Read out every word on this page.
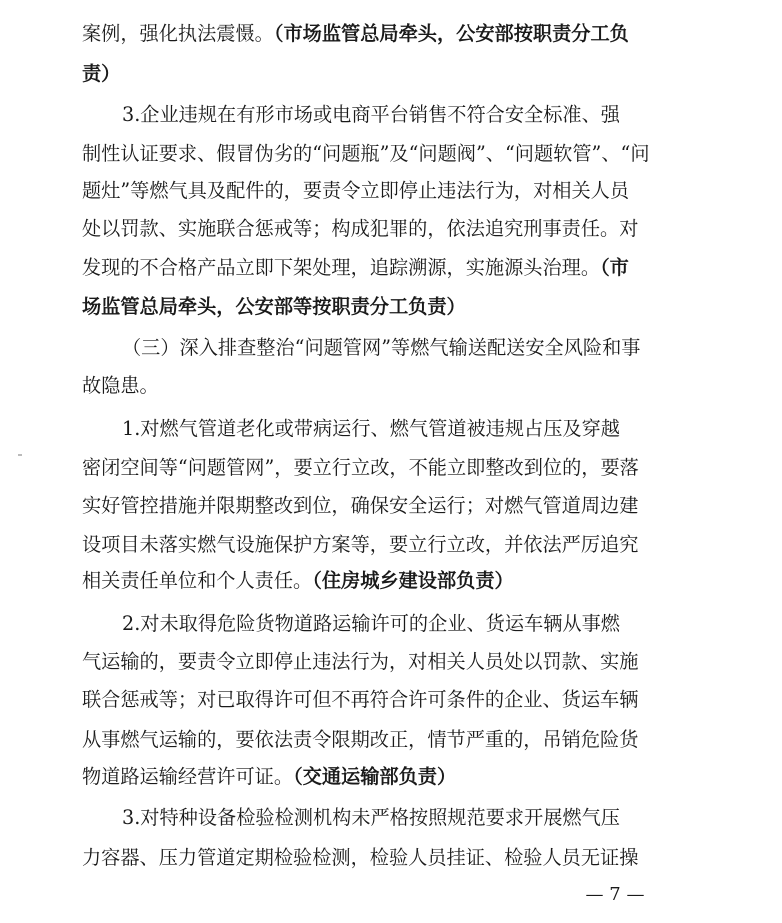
案例，强化执法震慑。（市场监管总局牵头，公安部按职责分工负
责）
3.企业违规在有形市场或电商平台销售不符合安全标准、强
制性认证要求、假冒伪劣的“问题瓶”及“问题阀”、“问题软管”、“问
题灶”等燃气具及配件的，要责令立即停止违法行为，对相关人员
处以罚款、实施联合惩戒等；构成犯罪的，依法追究刑事责任。对
发现的不合格产品立即下架处理，追踪溯源，实施源头治理。（市
场监管总局牵头，公安部等按职责分工负责）
（三）深入排查整治“问题管网”等燃气输送配送安全风险和事
故隐患。
1.对燃气管道老化或带病运行、燃气管道被违规占压及穿越
密闭空间等“问题管网”，要立行立改，不能立即整改到位的，要落
实好管控措施并限期整改到位，确保安全运行；对燃气管道周边建
设项目未落实燃气设施保护方案等，要立行立改，并依法严厉追究
相关责任单位和个人责任。（住房城乡建设部负责）
2.对未取得危险货物道路运输许可的企业、货运车辆从事燃
气运输的，要责令立即停止违法行为，对相关人员处以罚款、实施
联合惩戒等；对已取得许可但不再符合许可条件的企业、货运车辆
从事燃气运输的，要依法责令限期改正，情节严重的，吊销危险货
物道路运输经营许可证。（交通运输部负责）
3.对特种设备检验检测机构未严格按照规范要求开展燃气压
力容器、压力管道定期检验检测，检验人员挂证、检验人员无证操
— 7 —
